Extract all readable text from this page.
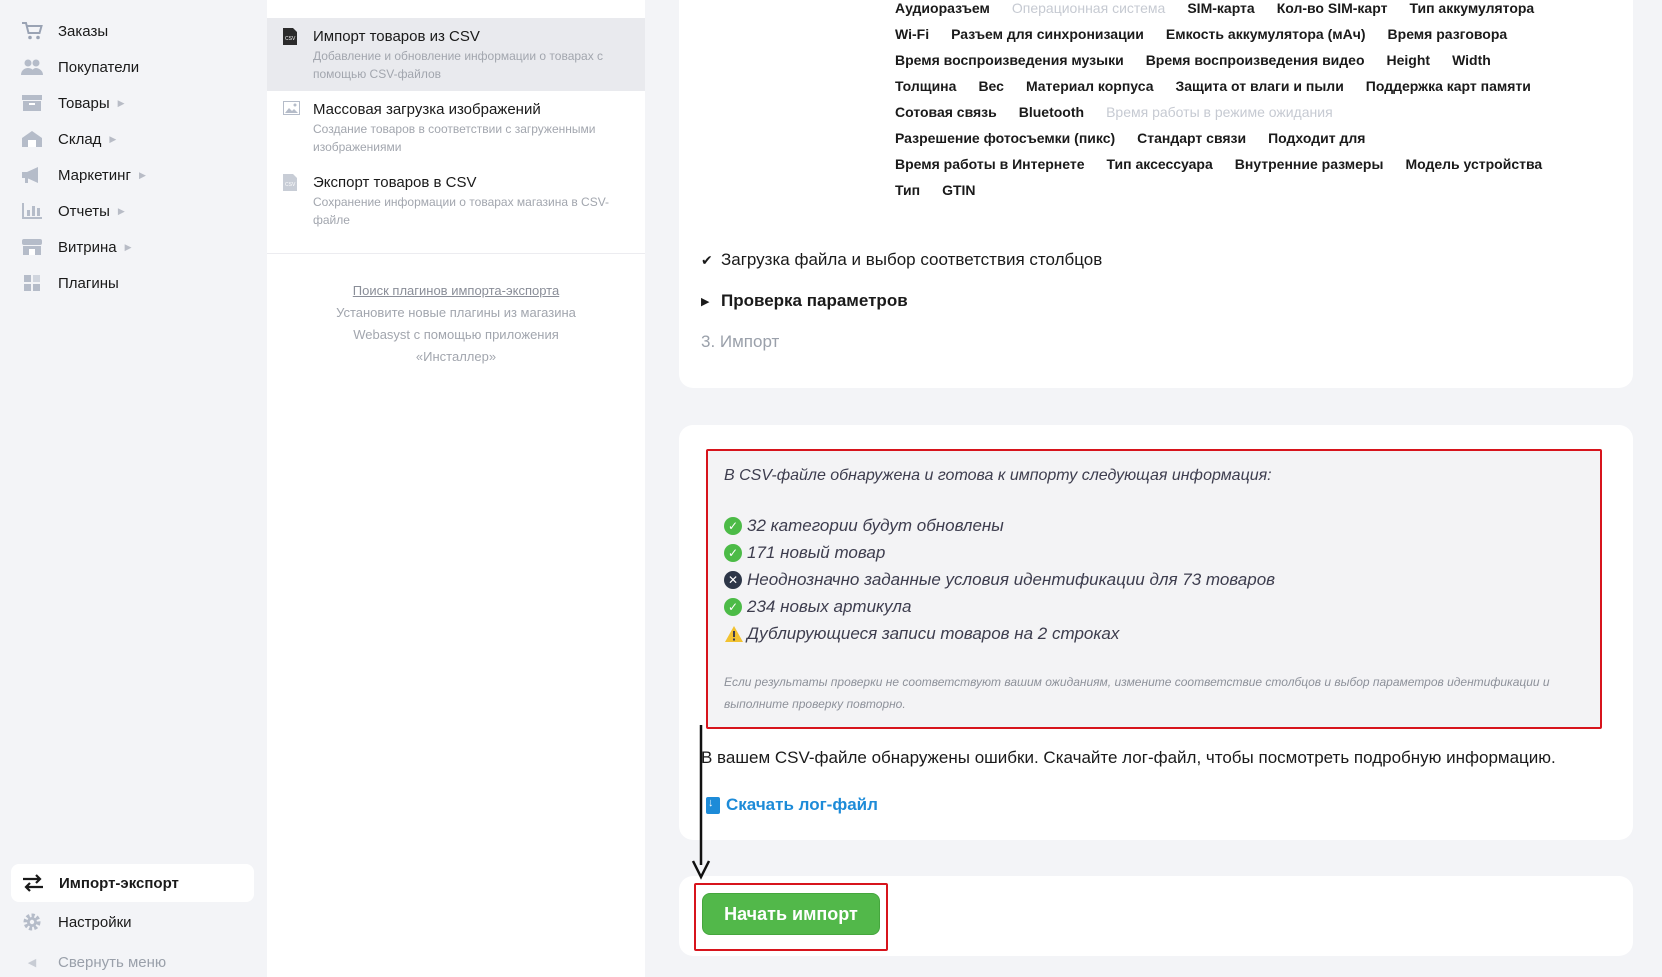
Заказы
Покупатели
Товары ▶
Склад ▶
Маркетинг ▶
Отчеты ▶
Витрина ▶
Плагины
Импорт-экспорт
Настройки
◀ Свернуть меню
CSV Импорт товаров из CSV
Добавление и обновление информации о товарах с помощью CSV-файлов
Массовая загрузка изображений
Создание товаров в соответствии с загруженными изображениями
CSV Экспорт товаров в CSV
Сохранение информации о товарах магазина в CSV-файле
Поиск плагинов импорта-экспорта
Установите новые плагины из магазина Webasyst с помощью приложения «Инсталлер»
Аудиоразъем Операционная система SIM-карта Кол-во SIM-карт Тип аккумулятора
Wi-Fi Разъем для синхронизации Емкость аккумулятора (мАч) Время разговора
Время воспроизведения музыки Время воспроизведения видео Height Width
Толщина Вес Материал корпуса Защита от влаги и пыли Поддержка карт памяти
Сотовая связь Bluetooth Время работы в режиме ожидания
Разрешение фотосъемки (пикс) Стандарт связи Подходит для
Время работы в Интернете Тип аксессуара Внутренние размеры Модель устройства
Тип GTIN
✔ Загрузка файла и выбор соответствия столбцов
▶ Проверка параметров
3. Импорт
В CSV-файле обнаружена и готова к импорту следующая информация:
✓ 32 категории будут обновлены
✓ 171 новый товар
✕ Неоднозначно заданные условия идентификации для 73 товаров
✓ 234 новых артикула
Дублирующиеся записи товаров на 2 строках
Если результаты проверки не соответствуют вашим ожиданиям, измените соответствие столбцов и выбор параметров идентификации и выполните проверку повторно.
В вашем CSV-файле обнаружены ошибки. Скачайте лог-файл, чтобы посмотреть подробную информацию.
↓
Скачать лог-файл
Начать импорт
